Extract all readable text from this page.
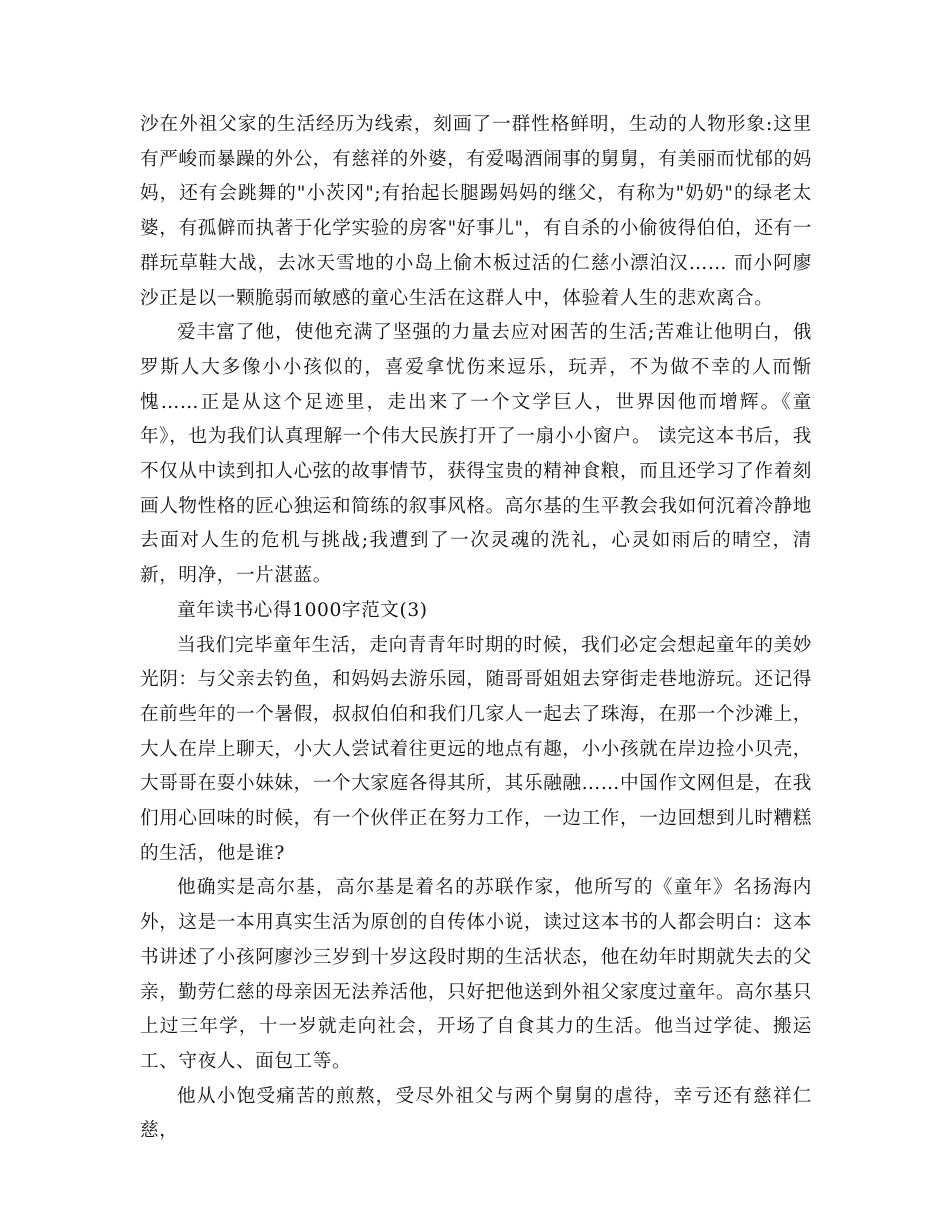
沙在外祖父家的生活经历为线索，刻画了一群性格鲜明，生动的人物形象:这里有严峻而暴躁的外公，有慈祥的外婆，有爱喝酒闹事的舅舅，有美丽而忧郁的妈妈，还有会跳舞的"小茨冈";有抬起长腿踢妈妈的继父，有称为"奶奶"的绿老太婆，有孤僻而执著于化学实验的房客"好事儿"，有自杀的小偷彼得伯伯，还有一群玩草鞋大战，去冰天雪地的小岛上偷木板过活的仁慈小漂泊汉…… 而小阿廖沙正是以一颗脆弱而敏感的童心生活在这群人中，体验着人生的悲欢离合。

爱丰富了他，使他充满了坚强的力量去应对困苦的生活;苦难让他明白，俄罗斯人大多像小小孩似的，喜爱拿忧伤来逗乐，玩弄，不为做不幸的人而惭愧……正是从这个足迹里，走出来了一个文学巨人，世界因他而增辉。《童年》，也为我们认真理解一个伟大民族打开了一扇小小窗户。 读完这本书后，我不仅从中读到扣人心弦的故事情节，获得宝贵的精神食粮，而且还学习了作着刻画人物性格的匠心独运和简练的叙事风格。高尔基的生平教会我如何沉着冷静地去面对人生的危机与挑战;我遭到了一次灵魂的洗礼，心灵如雨后的晴空，清新，明净，一片湛蓝。

童年读书心得1000字范文(3)

当我们完毕童年生活，走向青青年时期的时候，我们必定会想起童年的美妙光阴：与父亲去钓鱼，和妈妈去游乐园，随哥哥姐姐去穿街走巷地游玩。还记得在前些年的一个暑假，叔叔伯伯和我们几家人一起去了珠海，在那一个沙滩上，大人在岸上聊天，小大人尝试着往更远的地点有趣，小小孩就在岸边捡小贝壳，大哥哥在耍小妹妹，一个大家庭各得其所，其乐融融……中国作文网但是，在我们用心回味的时候，有一个伙伴正在努力工作，一边工作，一边回想到儿时糟糕的生活，他是谁?

他确实是高尔基，高尔基是着名的苏联作家，他所写的《童年》名扬海内外，这是一本用真实生活为原创的自传体小说，读过这本书的人都会明白：这本书讲述了小孩阿廖沙三岁到十岁这段时期的生活状态，他在幼年时期就失去的父亲，勤劳仁慈的母亲因无法养活他，只好把他送到外祖父家度过童年。高尔基只上过三年学，十一岁就走向社会，开场了自食其力的生活。他当过学徒、搬运工、守夜人、面包工等。

他从小饱受痛苦的煎熬，受尽外祖父与两个舅舅的虐待，幸亏还有慈祥仁慈，
